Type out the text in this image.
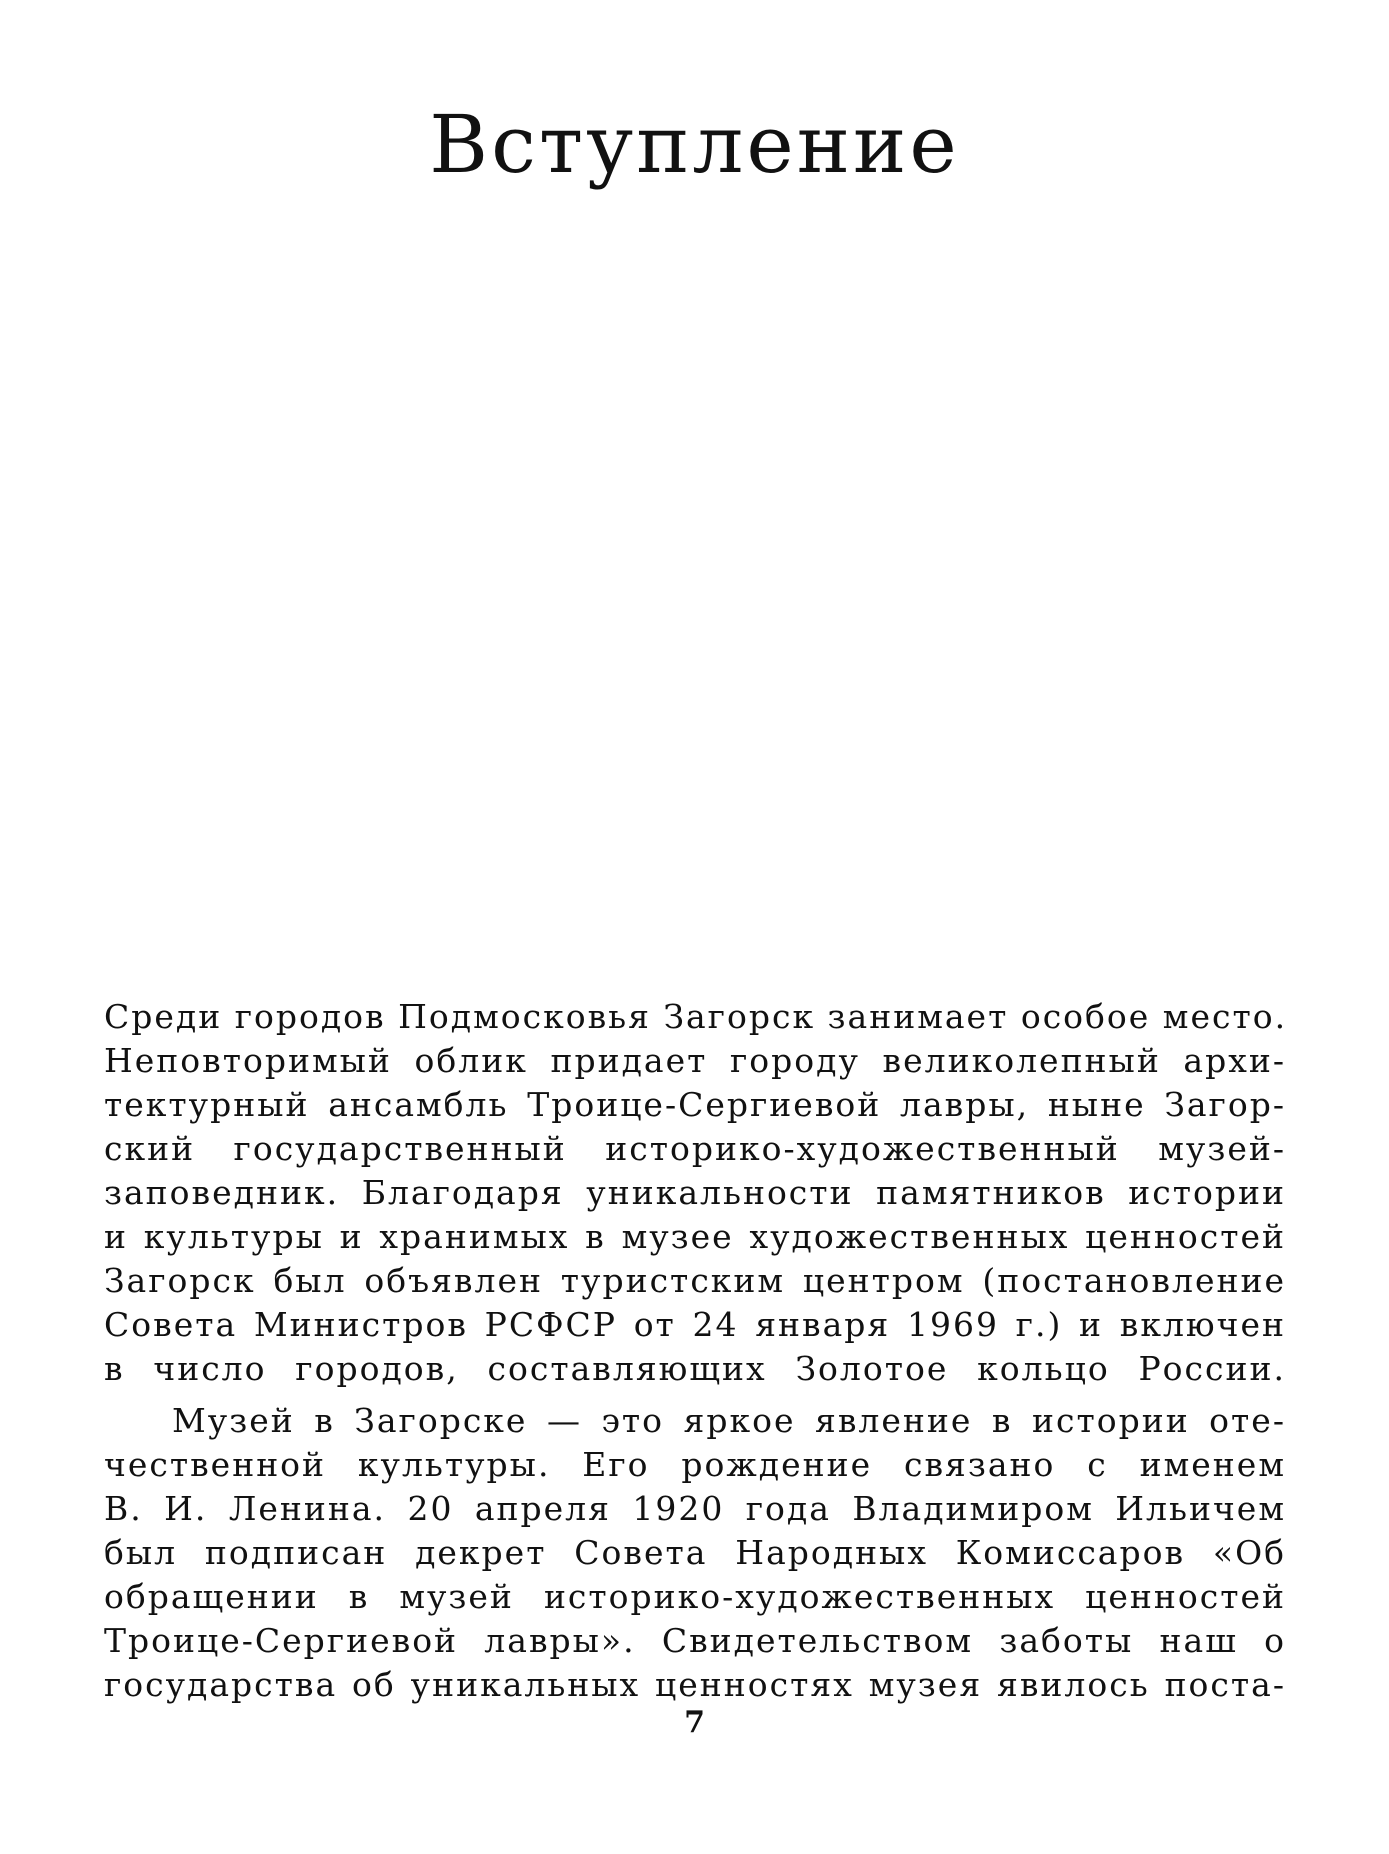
Вступление
Среди городов Подмосковья Загорск занимает особое место.
Неповторимый облик придает городу великолепный архи-
тектурный ансамбль Троице-Сергиевой лавры, ныне Загор-
ский государственный историко-художественный музей-
заповедник. Благодаря уникальности памятников истории
и культуры и хранимых в музее художественных ценностей
Загорск был объявлен туристским центром (постановление
Совета Министров РСФСР от 24 января 1969 г.) и включен
в число городов, составляющих Золотое кольцо России.
Музей в Загорске — это яркое явление в истории оте-
чественной культуры. Его рождение связано с именем
В. И. Ленина. 20 апреля 1920 года Владимиром Ильичем
был подписан декрет Совета Народных Комиссаров «Об
обращении в музей историко-художественных ценностей
Троице-Сергиевой лавры». Свидетельством заботы наш о
государства об уникальных ценностях музея явилось поста-
7
